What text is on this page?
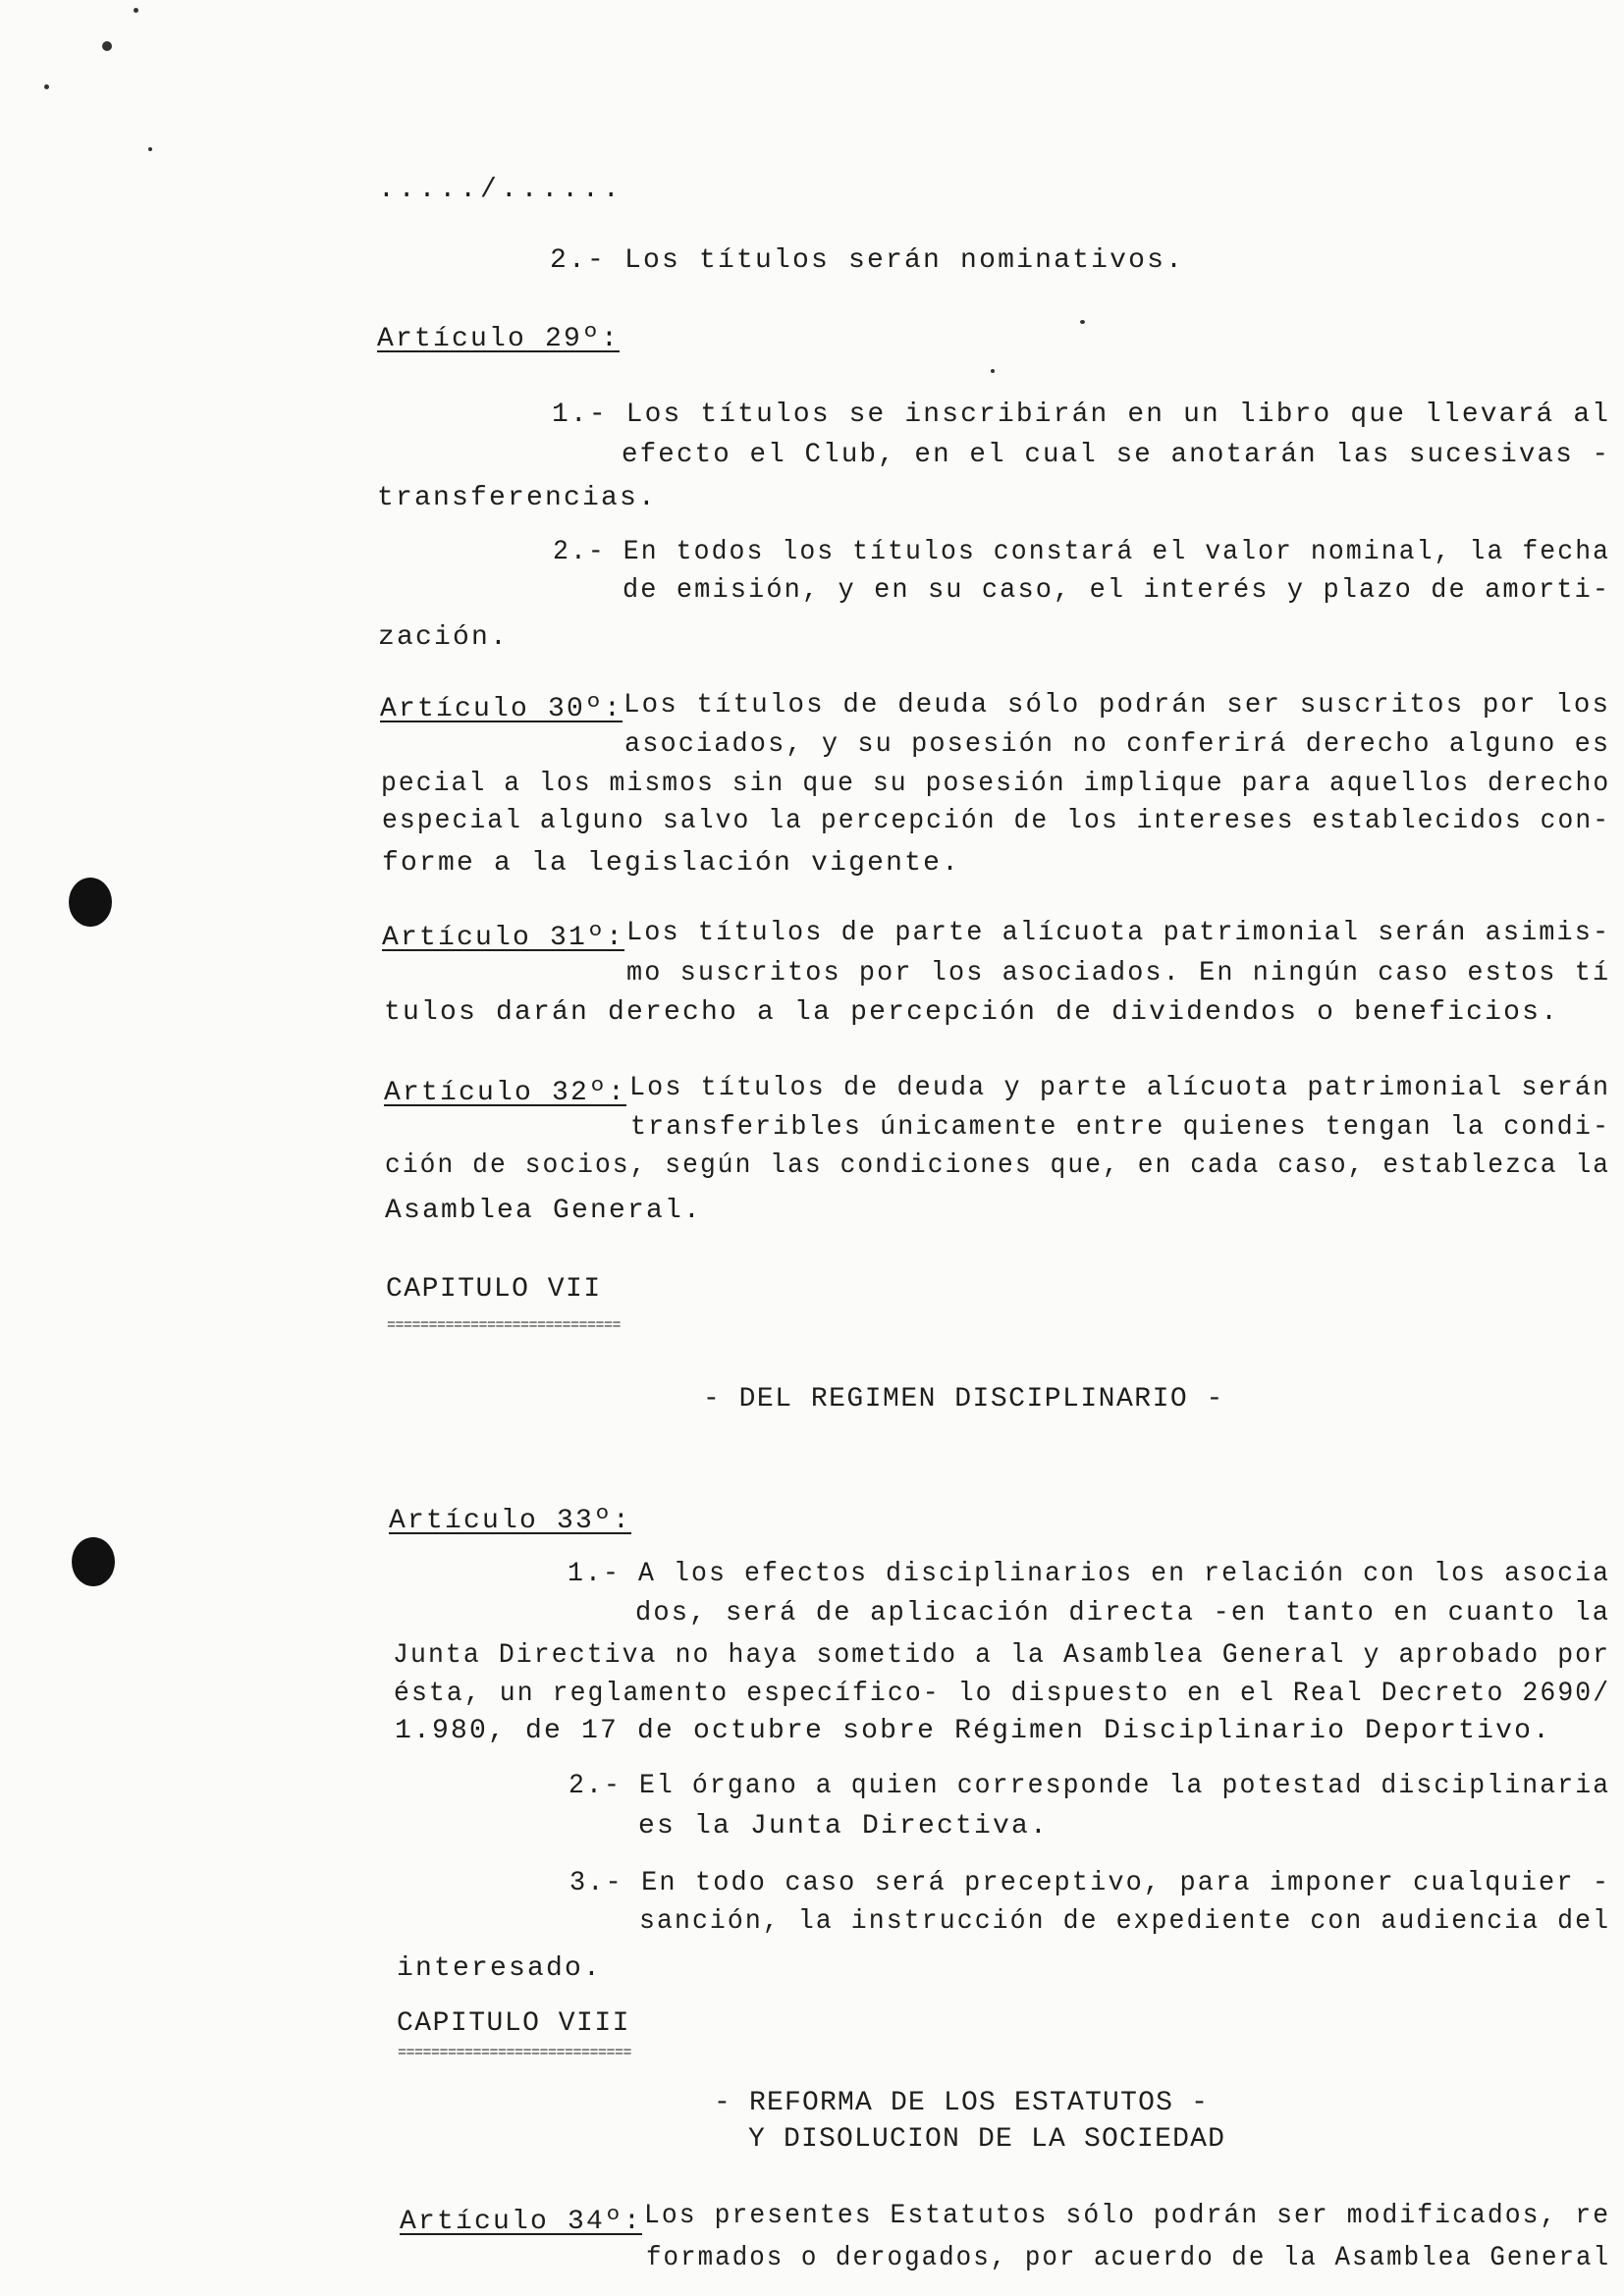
...../......
2.- Los títulos serán nominativos.
Artículo 29º:
1.- Los títulos se inscribirán en un libro que llevará al
efecto el Club, en el cual se anotarán las sucesivas -
transferencias.
2.- En todos los títulos constará el valor nominal, la fecha
de emisión, y en su caso, el interés y plazo de amorti-
zación.
Artículo 30º: Los títulos de deuda sólo podrán ser suscritos por los
asociados, y su posesión no conferirá derecho alguno es
pecial a los mismos sin que su posesión implique para aquellos derecho
especial alguno salvo la percepción de los intereses establecidos con-
forme a la legislación vigente.
Artículo 31º: Los títulos de parte alícuota patrimonial serán asimis-
mo suscritos por los asociados. En ningún caso estos tí
tulos darán derecho a la percepción de dividendos o beneficios.
Artículo 32º: Los títulos de deuda y parte alícuota patrimonial serán
transferibles únicamente entre quienes tengan la condi-
ción de socios, según las condiciones que, en cada caso, establezca la
Asamblea General.
CAPITULO VII
============================
- DEL REGIMEN DISCIPLINARIO -
Artículo 33º:
1.- A los efectos disciplinarios en relación con los asocia
dos, será de aplicación directa -en tanto en cuanto la
Junta Directiva no haya sometido a la Asamblea General y aprobado por
ésta, un reglamento específico- lo dispuesto en el Real Decreto 2690/
1.980, de 17 de octubre sobre Régimen Disciplinario Deportivo.
2.- El órgano a quien corresponde la potestad disciplinaria
es la Junta Directiva.
3.- En todo caso será preceptivo, para imponer cualquier -
sanción, la instrucción de expediente con audiencia del
interesado.
CAPITULO VIII
============================
- REFORMA DE LOS ESTATUTOS -
Y DISOLUCION DE LA SOCIEDAD
Artículo 34º: Los presentes Estatutos sólo podrán ser modificados, re
formados o derogados, por acuerdo de la Asamblea General
